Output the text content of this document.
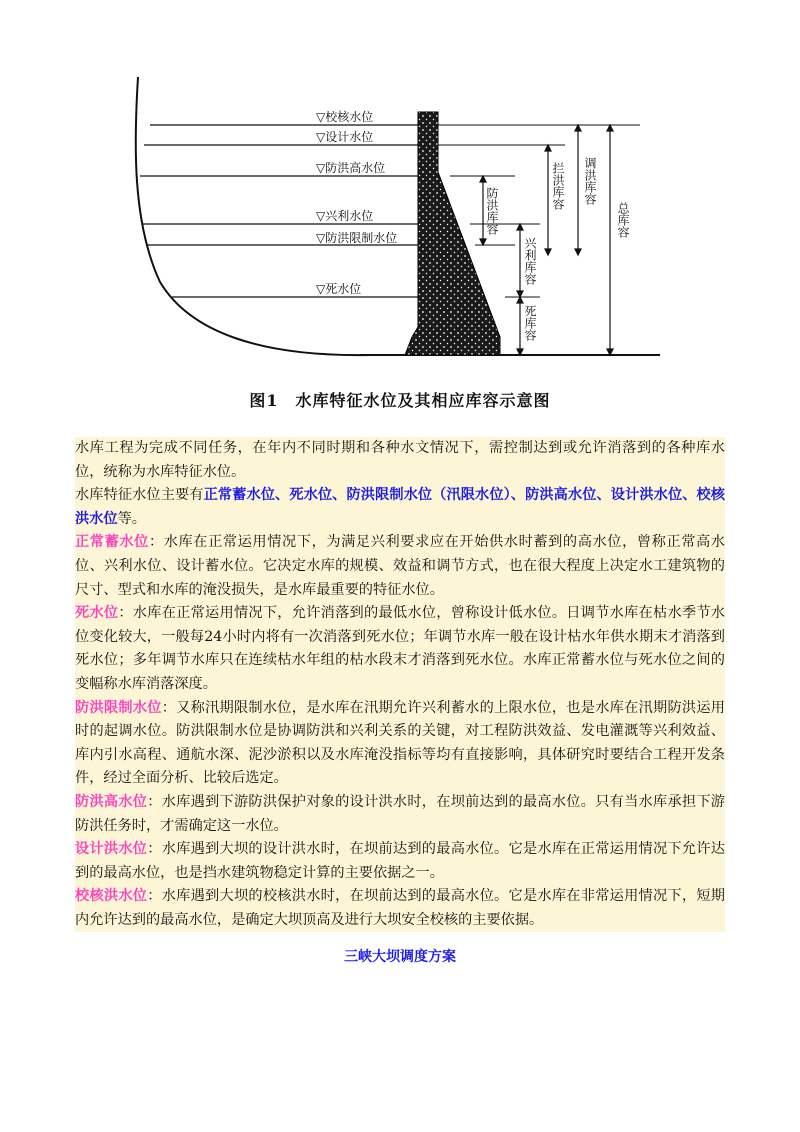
▽校核水位
▽设计水位
▽防洪高水位
▽兴利水位
▽防洪限制水位
▽死水位
防洪库容
拦洪库容 调洪库容
总库容
兴利库容
死库容
图1　水库特征水位及其相应库容示意图

水库工程为完成不同任务，在年内不同时期和各种水文情况下，需控制达到或允许消落到的各种库水位，统称为水库特征水位。

水库特征水位主要有正常蓄水位、死水位、防洪限制水位（汛限水位）、防洪高水位、设计洪水位、校核洪水位等。

正常蓄水位：水库在正常运用情况下，为满足兴利要求应在开始供水时蓄到的高水位，曾称正常高水位、兴利水位、设计蓄水位。它决定水库的规模、效益和调节方式，也在很大程度上决定水工建筑物的尺寸、型式和水库的淹没损失，是水库最重要的特征水位。

死水位：水库在正常运用情况下，允许消落到的最低水位，曾称设计低水位。日调节水库在枯水季节水位变化较大，一般每24小时内将有一次消落到死水位；年调节水库一般在设计枯水年供水期末才消落到死水位；多年调节水库只在连续枯水年组的枯水段末才消落到死水位。水库正常蓄水位与死水位之间的变幅称水库消落深度。

防洪限制水位：又称汛期限制水位，是水库在汛期允许兴利蓄水的上限水位，也是水库在汛期防洪运用时的起调水位。防洪限制水位是协调防洪和兴利关系的关键，对工程防洪效益、发电灌溉等兴利效益、库内引水高程、通航水深、泥沙淤积以及水库淹没指标等均有直接影响，具体研究时要结合工程开发条件，经过全面分析、比较后选定。

防洪高水位：水库遇到下游防洪保护对象的设计洪水时，在坝前达到的最高水位。只有当水库承担下游防洪任务时，才需确定这一水位。

设计洪水位：水库遇到大坝的设计洪水时，在坝前达到的最高水位。它是水库在正常运用情况下允许达到的最高水位，也是挡水建筑物稳定计算的主要依据之一。

校核洪水位：水库遇到大坝的校核洪水时，在坝前达到的最高水位。它是水库在非常运用情况下，短期内允许达到的最高水位，是确定大坝顶高及进行大坝安全校核的主要依据。

三峡大坝调度方案
